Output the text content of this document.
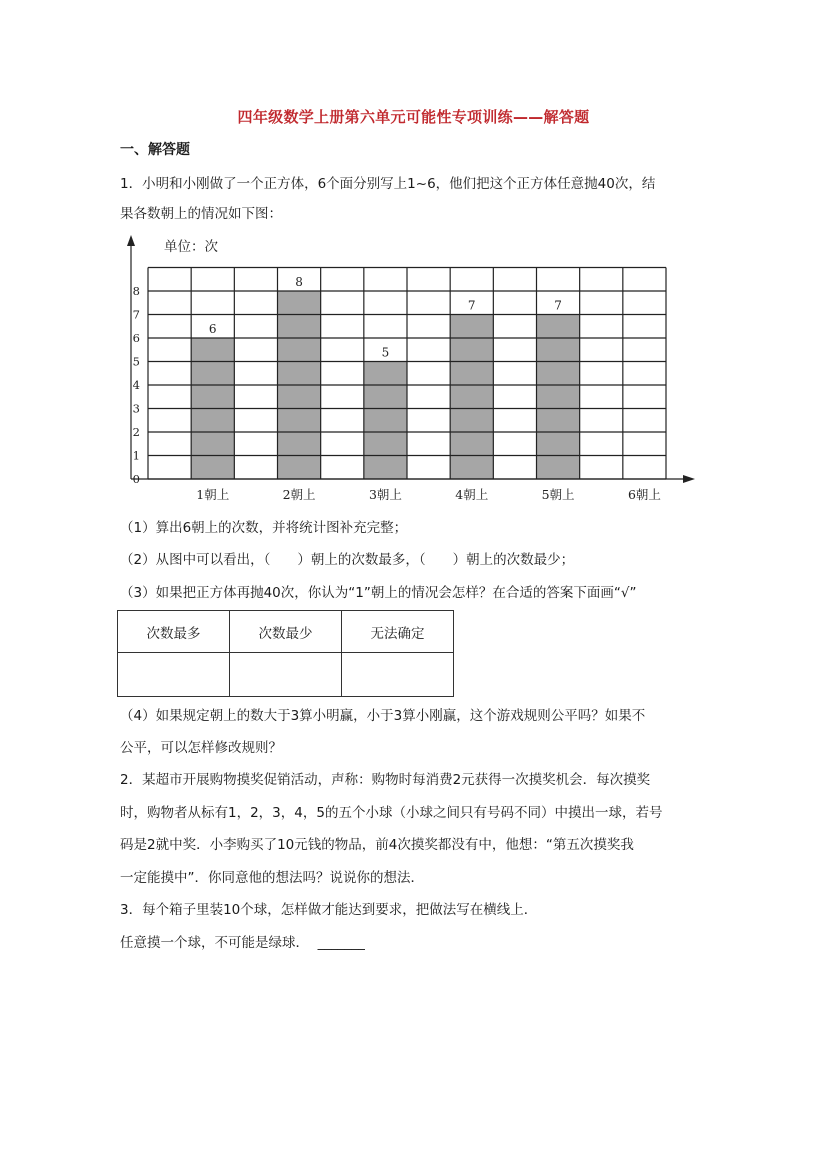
四年级数学上册第六单元可能性专项训练——解答题
一、解答题
1．小明和小刚做了一个正方体，6个面分别写上1~6，他们把这个正方体任意抛40次，结
果各数朝上的情况如下图：
单位：次
0
1
2
3
4
5
6
7
8
1朝上	2朝上	3朝上	4朝上	5朝上	6朝上
6
8
5
7	7
（1）算出6朝上的次数，并将统计图补充完整；
（2）从图中可以看出，（　　）朝上的次数最多，（　　）朝上的次数最少；
（3）如果把正方体再抛40次，你认为“1”朝上的情况会怎样？在合适的答案下面画“√”
次数最多	次数最少	无法确定

（4）如果规定朝上的数大于3算小明赢，小于3算小刚赢，这个游戏规则公平吗？如果不
公平，可以怎样修改规则？
2．某超市开展购物摸奖促销活动，声称：购物时每消费2元获得一次摸奖机会．每次摸奖
时，购物者从标有1，2，3，4，5的五个小球（小球之间只有号码不同）中摸出一球，若号
码是2就中奖．小李购买了10元钱的物品，前4次摸奖都没有中，他想：“第五次摸奖我
一定能摸中”．你同意他的想法吗？说说你的想法．
3．每个箱子里装10个球，怎样做才能达到要求，把做法写在横线上．
任意摸一个球，不可能是绿球． _______
